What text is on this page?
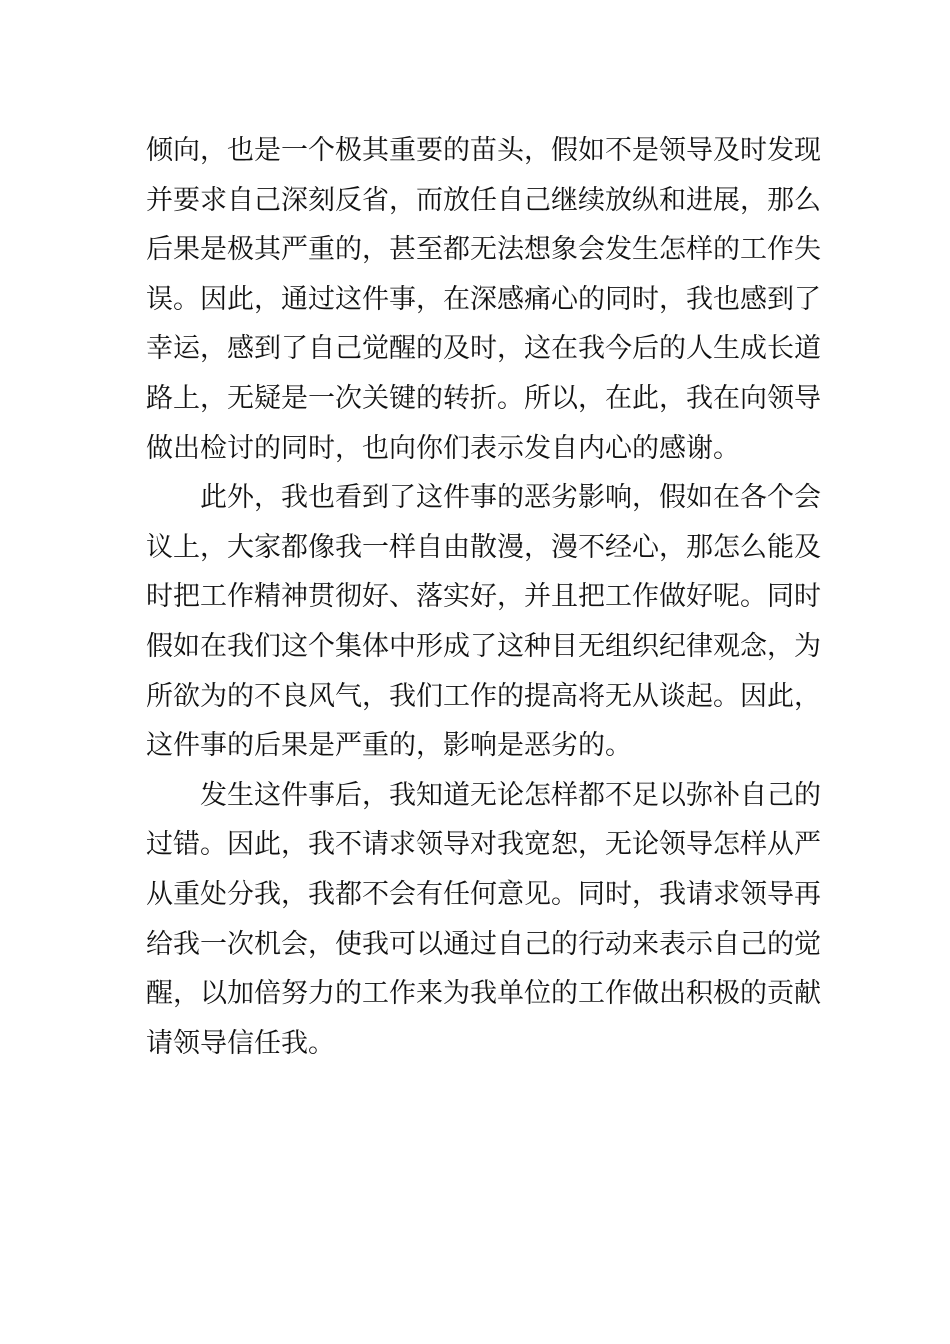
倾向，也是一个极其重要的苗头，假如不是领导及时发现
并要求自己深刻反省，而放任自己继续放纵和进展，那么
后果是极其严重的，甚至都无法想象会发生怎样的工作失
误。因此，通过这件事，在深感痛心的同时，我也感到了
幸运，感到了自己觉醒的及时，这在我今后的人生成长道
路上，无疑是一次关键的转折。所以，在此，我在向领导
做出检讨的同时，也向你们表示发自内心的感谢。
此外，我也看到了这件事的恶劣影响，假如在各个会
议上，大家都像我一样自由散漫，漫不经心，那怎么能及
时把工作精神贯彻好、落实好，并且把工作做好呢。同时
假如在我们这个集体中形成了这种目无组织纪律观念，为
所欲为的不良风气，我们工作的提高将无从谈起。因此，
这件事的后果是严重的，影响是恶劣的。
发生这件事后，我知道无论怎样都不足以弥补自己的
过错。因此，我不请求领导对我宽恕，无论领导怎样从严
从重处分我，我都不会有任何意见。同时，我请求领导再
给我一次机会，使我可以通过自己的行动来表示自己的觉
醒，以加倍努力的工作来为我单位的工作做出积极的贡献
请领导信任我。
